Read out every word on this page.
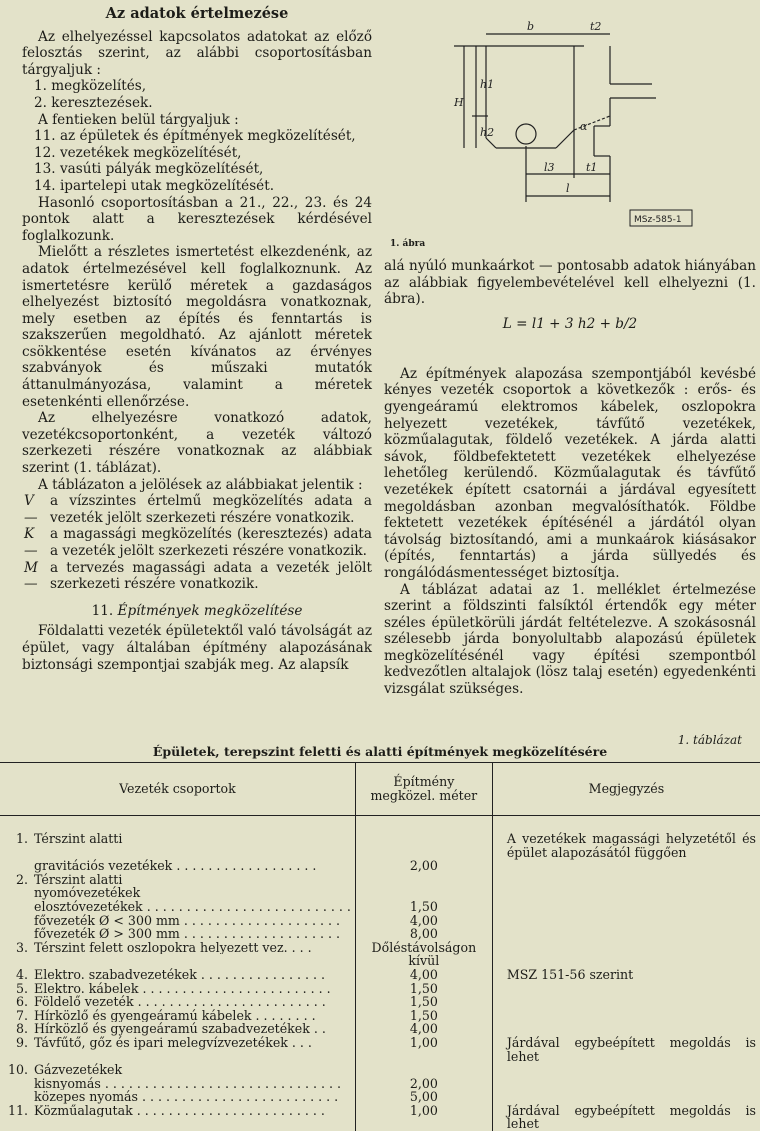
Az adatok értelmezése

Az elhelyezéssel kapcsolatos adatokat az előző felosztás szerint, az alábbi csoportosításban tárgyaljuk :

1. megközelítés,

2. keresztezések.

A fentieken belül tárgyaljuk :

11. az épületek és építmények megközelítését,

12. vezetékek megközelítését,

13. vasúti pályák megközelítését,

14. ipartelepi utak megközelítését.

Hasonló csoportosításban a 21., 22., 23. és 24 pontok alatt a keresztezések kérdésével foglalkozunk.

Mielőtt a részletes ismertetést elkezdenénk, az adatok értelmezésével kell foglalkoznunk. Az ismertetésre kerülő méretek a gazdaságos elhelyezést biztosító megoldásra vonatkoznak, mely esetben az építés és fenntartás is szakszerűen megoldható. Az ajánlott méretek csökkentése esetén kívánatos az érvényes szabványok és műszaki mutatók áttanulmányozása, valamint a méretek esetenkénti ellenőrzése.

Az elhelyezésre vonatkozó adatok, vezetékcsoportonként, a vezeték változó szerkezeti részére vonatkoznak az alábbiak szerint (1. táblázat).

A táblázaton a jelölések az alábbiakat jelentik :

V —
a vízszintes értelmű megközelítés adata a vezeték jelölt szerkezeti részére vonatkozik.
K —
a magassági megközelítés (keresztezés) adata a vezeték jelölt szerkezeti részére vonatkozik.
M —
a tervezés magassági adata a vezeték jelölt szerkezeti részére vonatkozik.

11. Építmények megközelítése

Földalatti vezeték épületektől való távolságát az épület, vagy általában építmény alapozásának biztonsági szempontjai szabják meg. Az alapsík

b	t2
H
h1
h2	α
l3	t1
l
MSz-585-1
1. ábra

alá nyúló munkaárkot — pontosabb adatok hiányában az alábbiak figyelembevételével kell elhelyezni (1. ábra).

L = l1 + 3 h2 + b/2

Az építmények alapozása szempontjából kevésbé kényes vezeték csoportok a következők : erős- és gyengeáramú elektromos kábelek, oszlopokra helyezett vezetékek, távfűtő vezetékek, közműalagutak, földelő vezetékek. A járda alatti sávok, földbefektetett vezetékek elhelyezése lehetőleg kerülendő. Közműalagutak és távfűtő vezetékek épített csatornái a járdával egyesített megoldásban azonban megvalósíthatók. Földbe fektetett vezetékek építésénél a járdától olyan távolság biztosítandó, ami a munkaárok kiásásakor (építés, fenntartás) a járda süllyedés és rongálódásmentességet biztosítja.

A táblázat adatai az 1. melléklet értelmezése szerint a földszinti falsíktól értendők egy méter széles épületkörüli járdát feltételezve. A szokásosnál szélesebb járda bonyolultabb alapozású épületek megközelítésénél vagy építési szempontból kedvezőtlen altalajok (lösz talaj esetén) egyedenkénti vizsgálat szükséges.

1. táblázat
Épületek, terepszint feletti és alatti építmények megközelítésére
Vezeték csoportok	Építmény megközel. méter	Megjegyzés

1. Térszint alatti		A vezetékek magassági helyzetétől és épület alapozásától függően

gravitációs vezetékek . . . . . . . . . . . . . . . . . .	2,00	

2. Térszint alatti		

nyomóvezetékek		

elosztóvezetékek . . . . . . . . . . . . . . . . . . . . . . . . . .	1,50	

fővezeték Ø < 300 mm . . . . . . . . . . . . . . . . . . . .	4,00	

fővezeték Ø > 300 mm . . . . . . . . . . . . . . . . . . . .	8,00	

3. Térszint felett oszlopokra helyezett vez. . . .	Dőléstávolságon kívül	

4. Elektro. szabadvezetékek . . . . . . . . . . . . . . . .	4,00	MSZ 151-56 szerint

5. Elektro. kábelek . . . . . . . . . . . . . . . . . . . . . . . .	1,50	

6. Földelő vezeték . . . . . . . . . . . . . . . . . . . . . . . .	1,50	

7. Hírközlő és gyengeáramú kábelek . . . . . . . .	1,50	

8. Hírközlő és gyengeáramú szabadvezetékek . .	4,00	

9. Távfűtő, gőz és ipari melegvízvezetékek . . .	1,00	Járdával egybeépített megoldás is lehet

10. Gázvezetékek		

kisnyomás . . . . . . . . . . . . . . . . . . . . . . . . . . . . . .	2,00	

közepes nyomás . . . . . . . . . . . . . . . . . . . . . . . . .	5,00	

11. Közműalagutak . . . . . . . . . . . . . . . . . . . . . . . .	1,00	Járdával egybeépített megoldás is lehet
